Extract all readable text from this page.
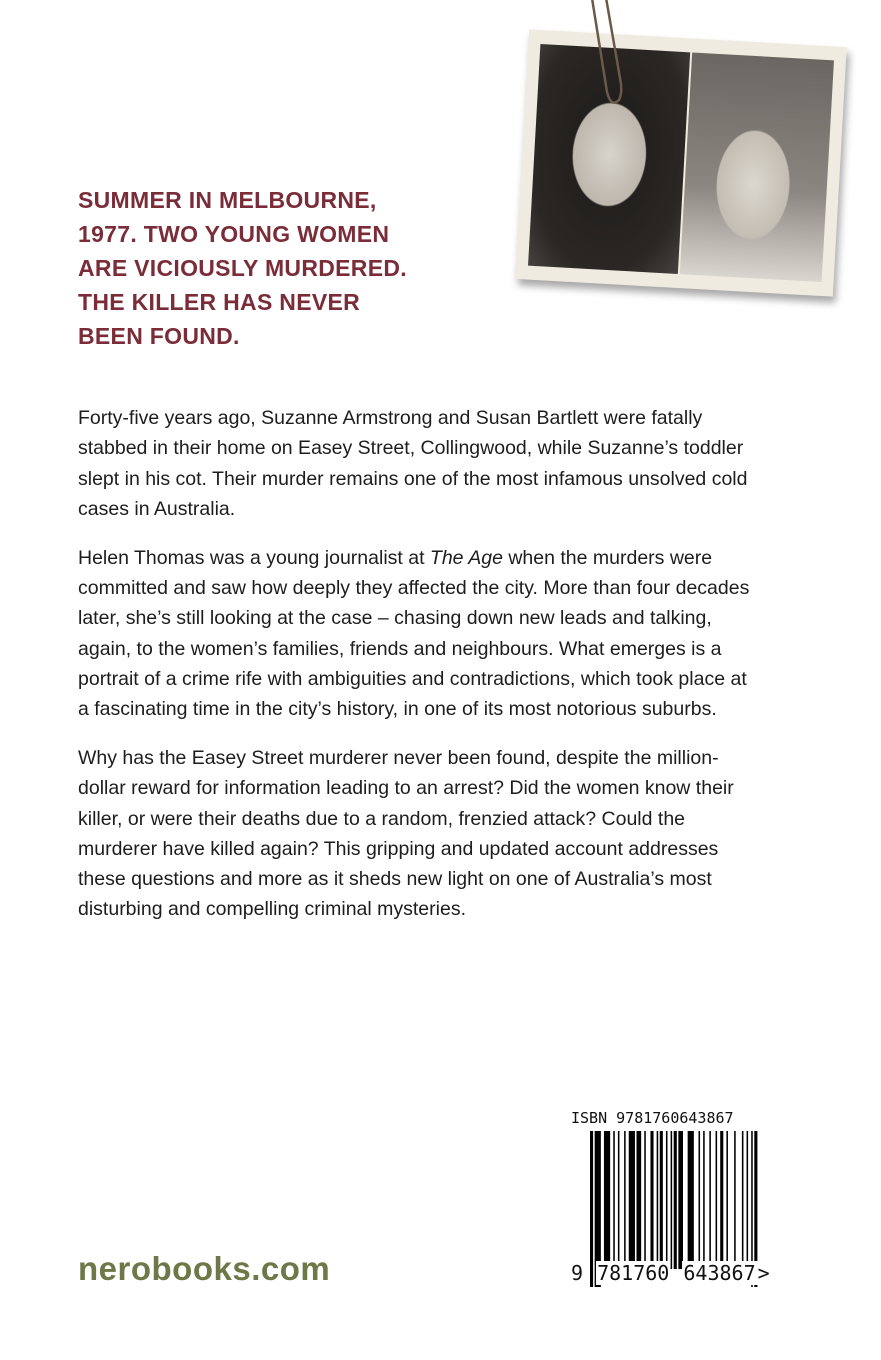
SUMMER IN MELBOURNE,
1977. TWO YOUNG WOMEN
ARE VICIOUSLY MURDERED.
THE KILLER HAS NEVER
BEEN FOUND.

Forty-five years ago, Suzanne Armstrong and Susan Bartlett were fatally stabbed in their home on Easey Street, Collingwood, while Suzanne’s toddler slept in his cot. Their murder remains one of the most infamous unsolved cold cases in Australia.

Helen Thomas was a young journalist at The Age when the murders were committed and saw how deeply they affected the city. More than four decades later, she’s still looking at the case – chasing down new leads and talking, again, to the women’s families, friends and neighbours. What emerges is a portrait of a crime rife with ambiguities and contradictions, which took place at a fascinating time in the city’s history, in one of its most notorious suburbs.

Why has the Easey Street murderer never been found, despite the million-dollar reward for information leading to an arrest? Did the women know their killer, or were their deaths due to a random, frenzied attack? Could the murderer have killed again? This gripping and updated account addresses these questions and more as it sheds new light on one of Australia’s most disturbing and compelling criminal mysteries.

nerobooks.com
ISBN 9781760643867
9 781760 643867 >
